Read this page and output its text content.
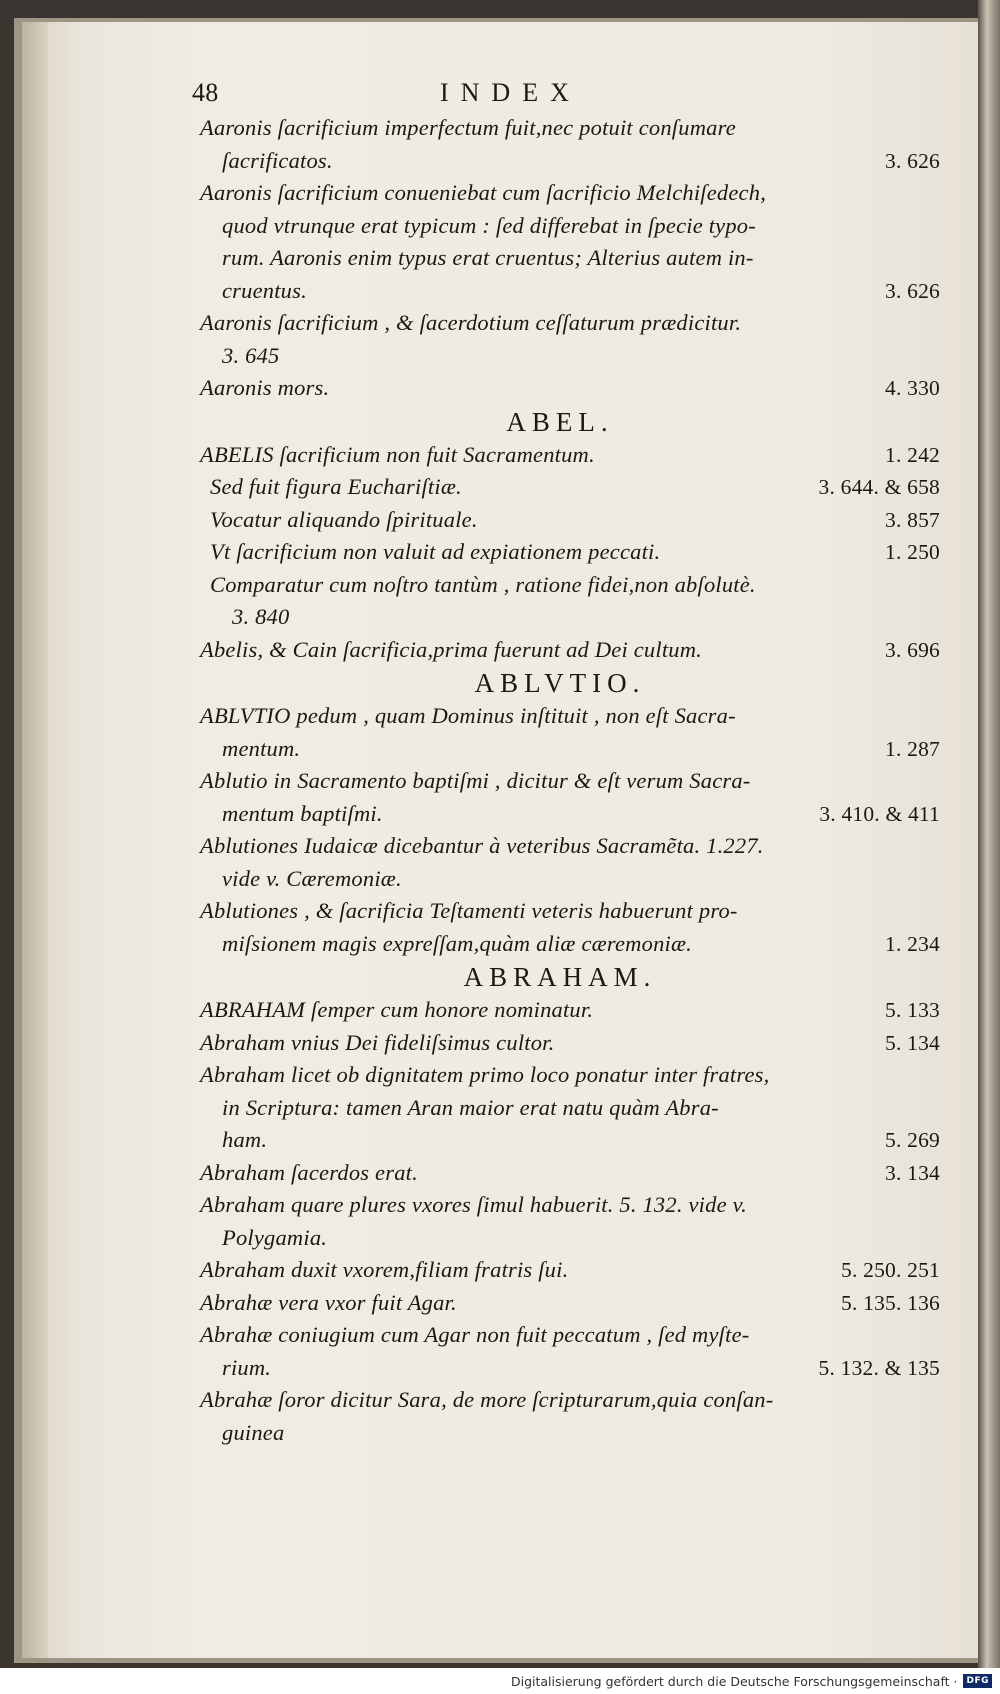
48	INDEX
Aaronis ſacrificium imperfectum fuit,nec potuit conſumare
ſacrificatos.	3. 626
Aaronis ſacrificium conueniebat cum ſacrificio Melchiſedech,
quod vtrunque erat typicum : ſed differebat in ſpecie typo-
rum. Aaronis enim typus erat cruentus; Alterius autem in-
cruentus.	3. 626
Aaronis ſacrificium , & ſacerdotium ceſſaturum prædicitur.
3. 645
Aaronis mors.	4. 330
ABEL.
ABELIS ſacrificium non fuit Sacramentum.	1. 242
Sed fuit figura Euchariſtiæ.	3. 644. & 658
Vocatur aliquando ſpirituale.	3. 857
Vt ſacrificium non valuit ad expiationem peccati.	1. 250
Comparatur cum noſtro tantùm , ratione fidei,non abſolutè.
3. 840
Abelis, & Cain ſacrificia,prima fuerunt ad Dei cultum.	3. 696
ABLVTIO.
ABLVTIO pedum , quam Dominus inſtituit , non eſt Sacra-
mentum.	1. 287
Ablutio in Sacramento baptiſmi , dicitur & eſt verum Sacra-
mentum baptiſmi.	3. 410. & 411
Ablutiones Iudaicæ dicebantur à veteribus Sacramẽta. 1.227.
vide v. Cæremoniæ.
Ablutiones , & ſacrificia Teſtamenti veteris habuerunt pro-
miſsionem magis expreſſam,quàm aliæ cæremoniæ.	1. 234
ABRAHAM.
ABRAHAM ſemper cum honore nominatur.	5. 133
Abraham vnius Dei fideliſsimus cultor.	5. 134
Abraham licet ob dignitatem primo loco ponatur inter fratres,
in Scriptura: tamen Aran maior erat natu quàm Abra-
ham.	5. 269
Abraham ſacerdos erat.	3. 134
Abraham quare plures vxores ſimul habuerit. 5. 132. vide v.
Polygamia.
Abraham duxit vxorem,filiam fratris ſui.	5. 250. 251
Abrahæ vera vxor fuit Agar.	5. 135. 136
Abrahæ coniugium cum Agar non fuit peccatum , ſed myſte-
rium.	5. 132. & 135
Abrahæ ſoror dicitur Sara, de more ſcripturarum,quia conſan-
guinea
Digitalisierung gefördert durch die Deutsche Forschungsgemeinschaft ·	DFG
